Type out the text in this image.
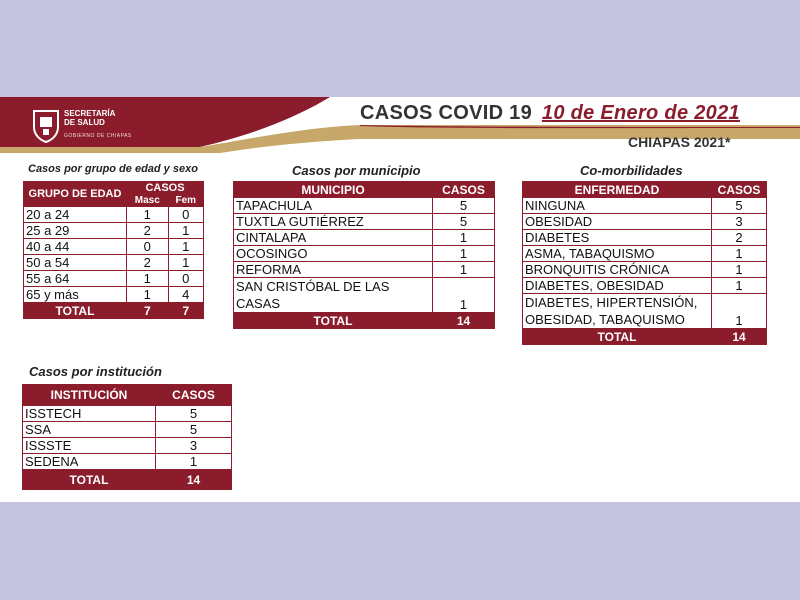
SECRETARÍA
DE SALUD
GOBIERNO DE CHIAPAS
CASOS COVID 19 10 de Enero de 2021
CHIAPAS 2021*
Casos por grupo de edad y sexo
GRUPO DE EDAD	CASOS	
	Masc	Fem
20 a 24	1	0
25 a 29	2	1
40 a 44	0	1
50 a 54	2	1
55 a 64	1	0
65 y más	1	4
TOTAL	7	7
Casos por municipio
MUNICIPIO	CASOS
TAPACHULA	5
TUXTLA GUTIÉRREZ	5
CINTALAPA	1
OCOSINGO	1
REFORMA	1
SAN CRISTÓBAL DE LAS
CASAS	1
TOTAL	14
Co-morbilidades
ENFERMEDAD	CASOS
NINGUNA	5
OBESIDAD	3
DIABETES	2
ASMA, TABAQUISMO	1
BRONQUITIS CRÓNICA	1
DIABETES, OBESIDAD	1
DIABETES, HIPERTENSIÓN,
OBESIDAD, TABAQUISMO	1
TOTAL	14
Casos por institución
INSTITUCIÓN	CASOS
ISSTECH	5
SSA	5
ISSSTE	3
SEDENA	1
TOTAL	14
